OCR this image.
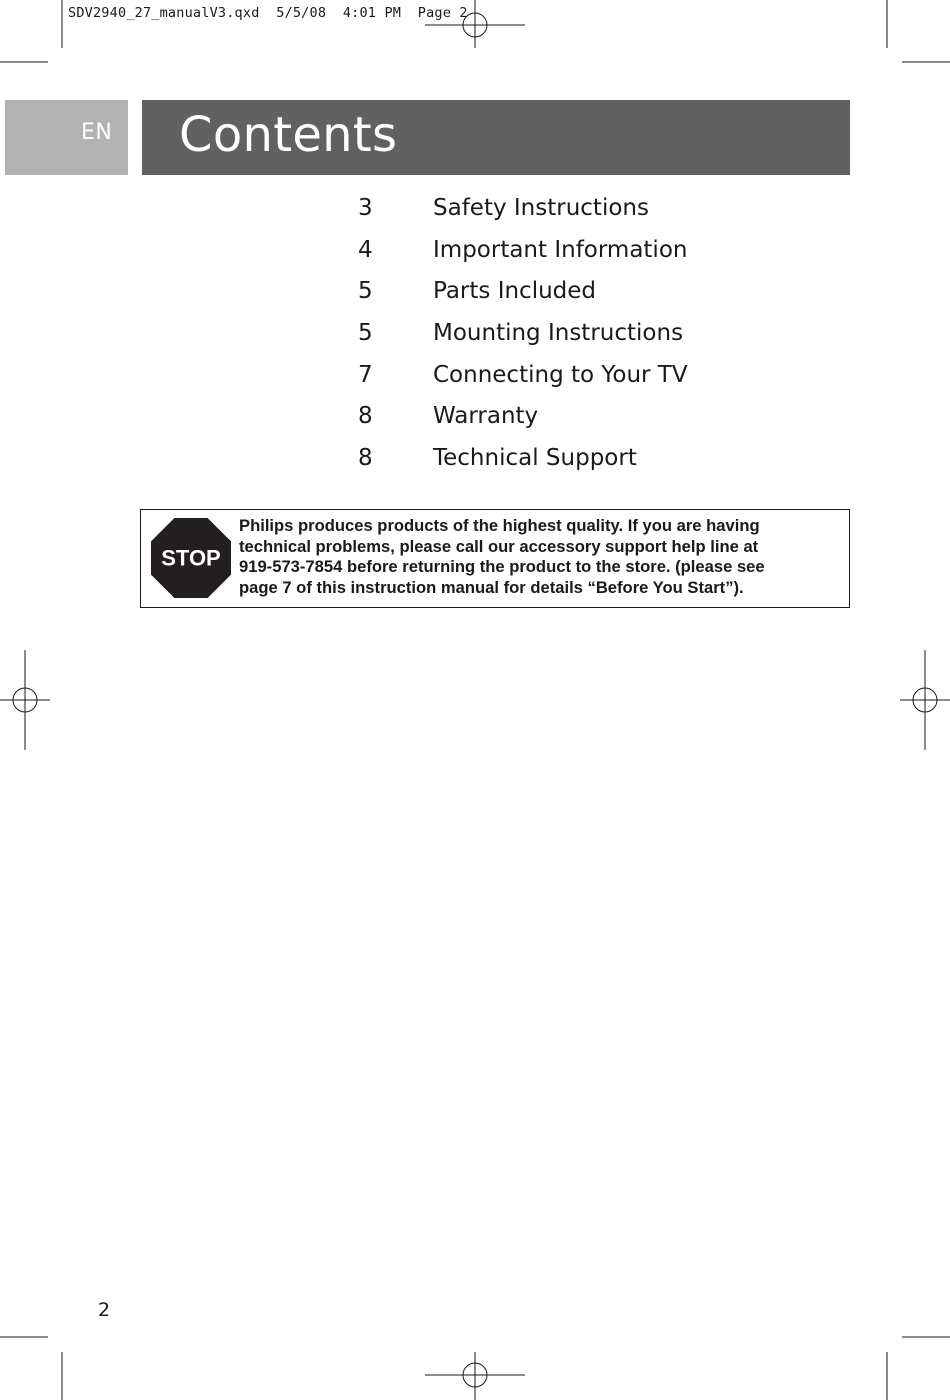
SDV2940_27_manualV3.qxd  5/5/08  4:01 PM  Page 2
EN Contents
3	Safety Instructions
4	Important Information
5	Parts Included
5	Mounting Instructions
7	Connecting to Your TV
8	Warranty
8	Technical Support
STOP
Philips produces products of the highest quality. If you are having
technical problems, please call our accessory support help line at
919-573-7854 before returning the product to the store. (please see
page 7 of this instruction manual for details “Before You Start”).
2
